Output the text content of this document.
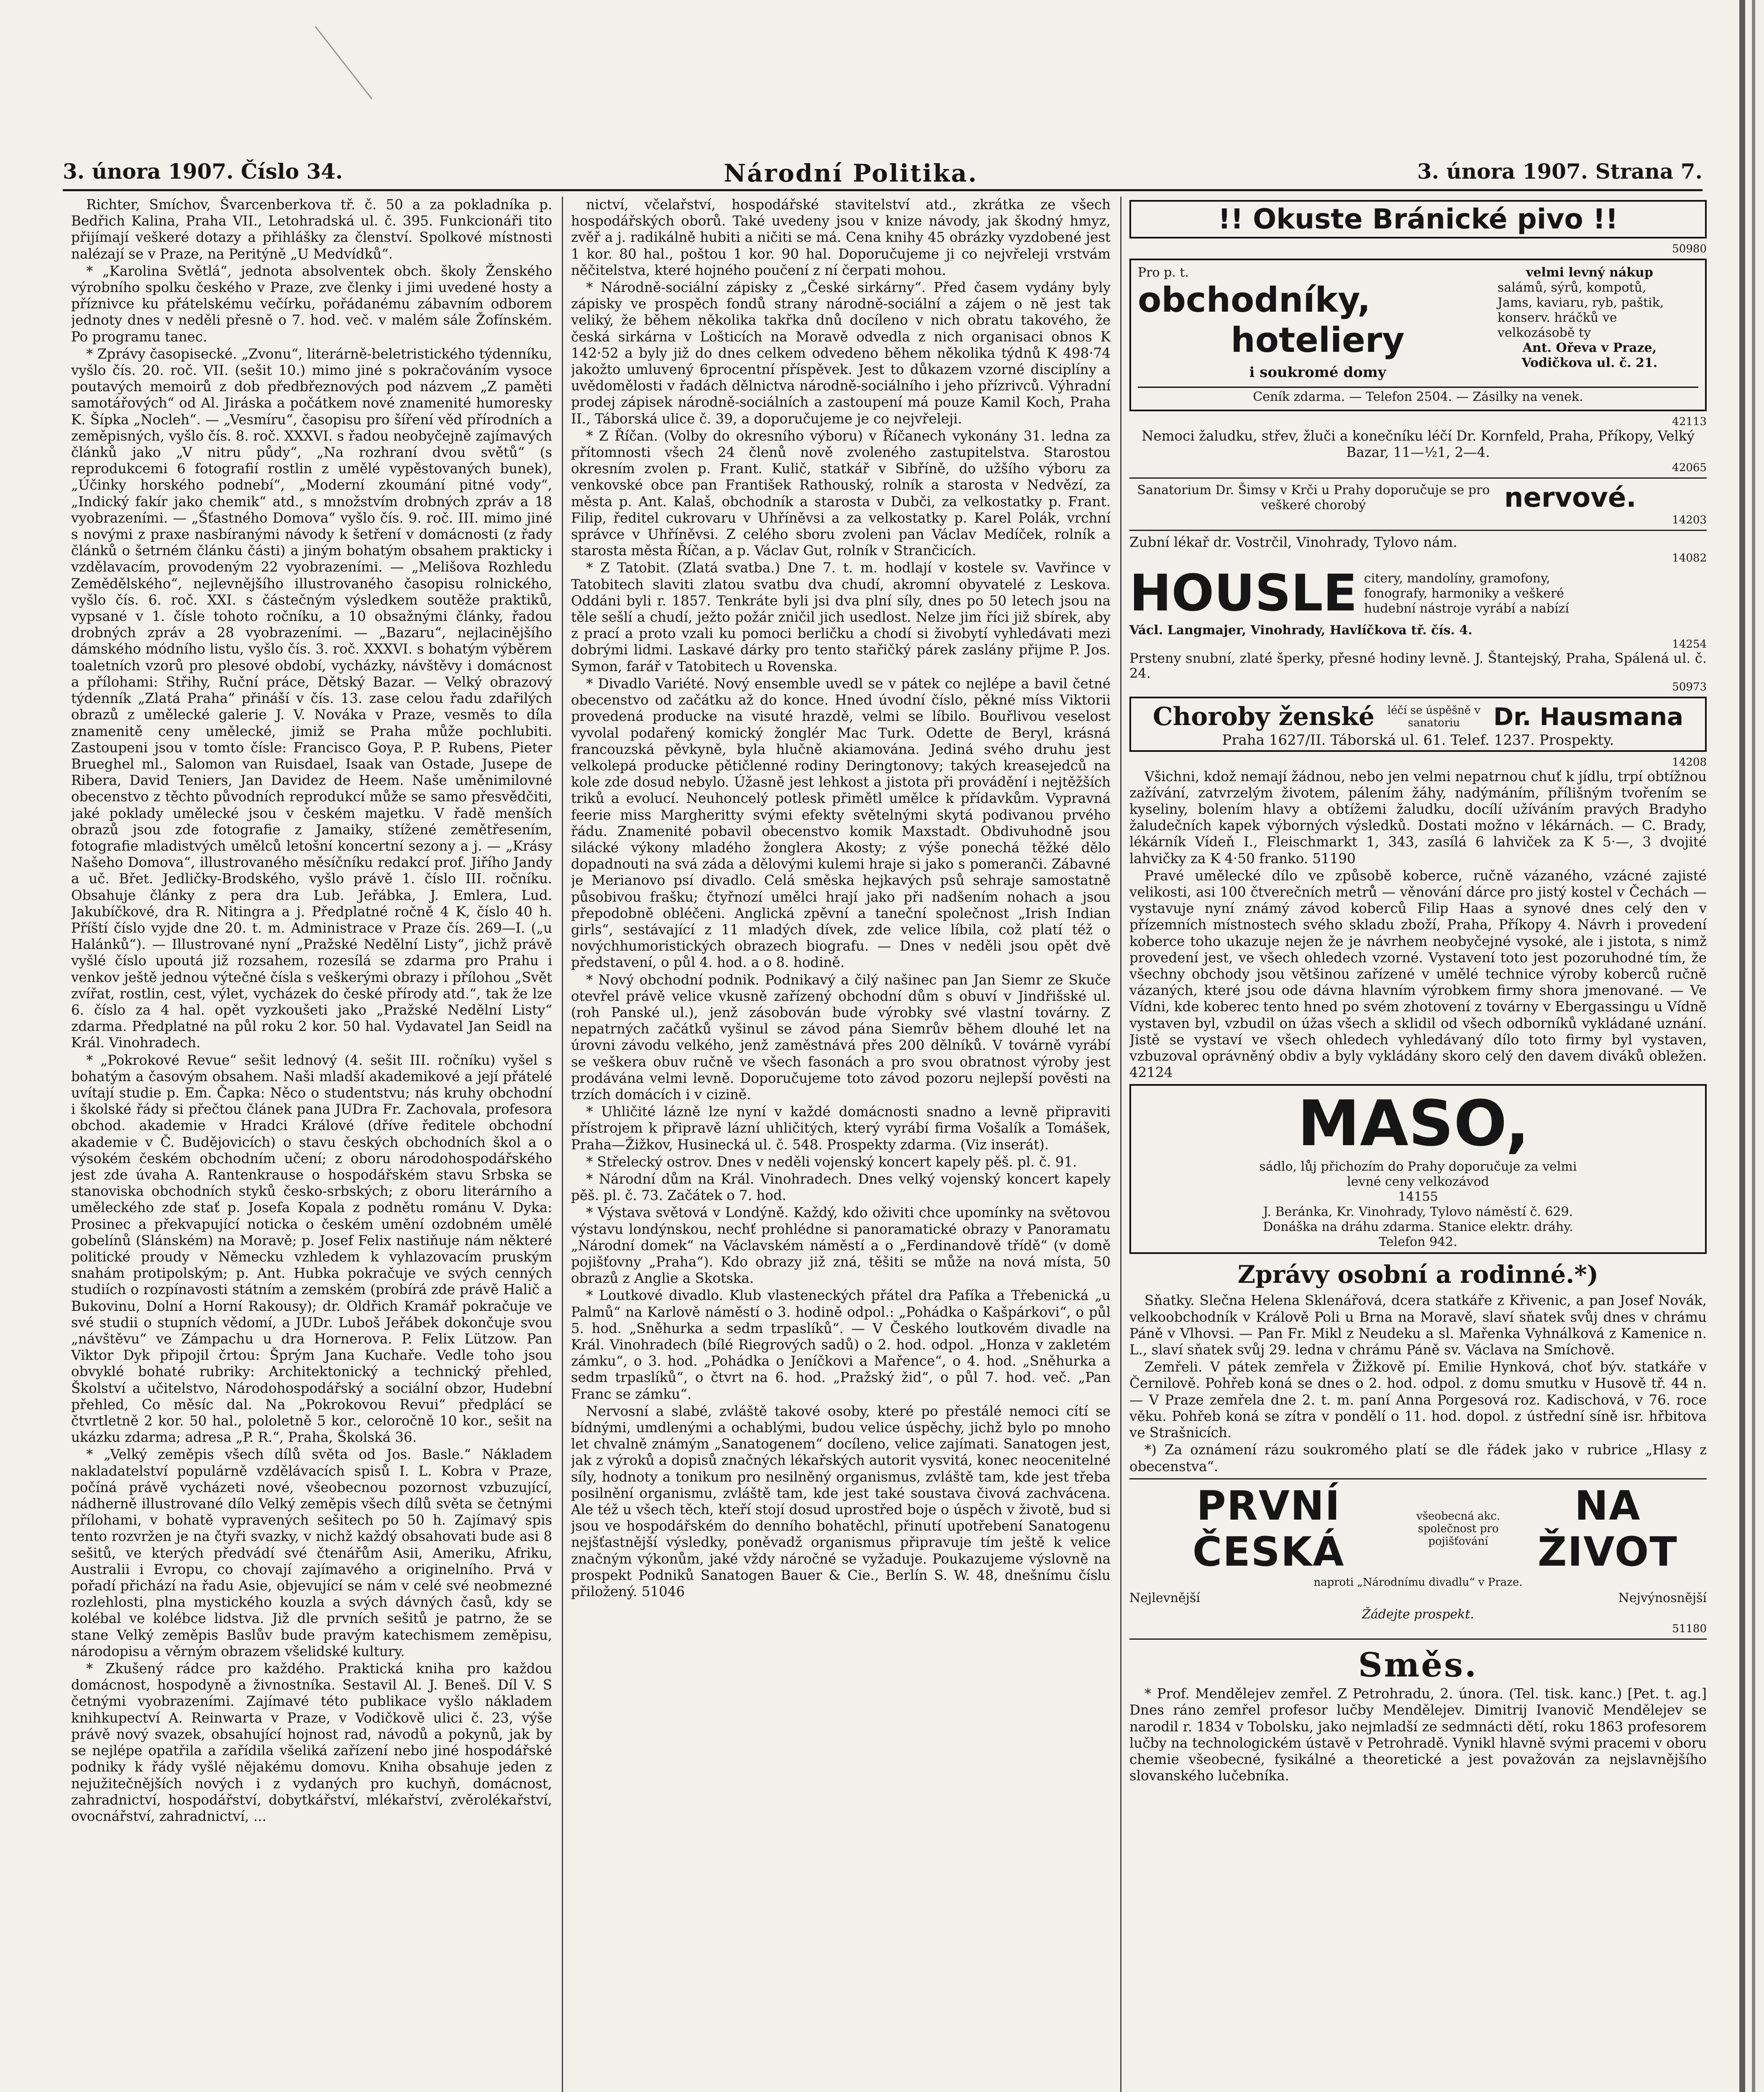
3. února 1907. Číslo 34.	Národní Politika.	3. února 1907. Strana 7.

Richter, Smíchov, Švarcenberkova tř. č. 50 a za pokladníka p. Bedřich Kalina, Praha VII., Letohradská ul. č. 395. Funkcionáři tito přijímají veškeré dotazy a přihlášky za členství. Spolkové místnosti nalézají se v Praze, na Peritýně „U Medvídků“.

* „Karolina Světlá“, jednota absolventek obch. školy Ženského výrobního spolku českého v Praze, zve členky i jimi uvedené hosty a příznivce ku přátelskému večírku, pořádanému zábavním odborem jednoty dnes v neděli přesně o 7. hod. več. v malém sále Žofínském. Po programu tanec.

* Zprávy časopisecké. „Zvonu“, literárně-beletristického týdenníku, vyšlo čís. 20. roč. VII. (sešit 10.) mimo jiné s pokračováním vysoce poutavých memoirů z dob předbřeznových pod názvem „Z paměti samotářových“ od Al. Jiráska a počátkem nové znamenité humoresky K. Šípka „Nocleh“. — „Vesmíru“, časopisu pro šíření věd přírodních a zeměpisných, vyšlo čís. 8. roč. XXXVI. s řadou neobyčejně zajímavých článků jako „V nitru půdy“, „Na rozhraní dvou světů“ (s reprodukcemi 6 fotografií rostlin z umělé vypěstovaných bunek), „Účinky horského podnebí“, „Moderní zkoumání pitné vody“, „Indický fakír jako chemik“ atd., s množstvím drobných zpráv a 18 vyobrazeními. — „Šťastného Domova“ vyšlo čís. 9. roč. III. mimo jiné s novými z praxe nasbíranými návody k šetření v domácnosti (z řady článků o šetrném článku části) a jiným bohatým obsahem prakticky i vzdělavacím, provodeným 22 vyobrazeními. — „Melišova Rozhledu Zemědělského“, nejlevnějšího illustrovaného časopisu rolnického, vyšlo čís. 6. roč. XXI. s částečným výsledkem soutěže praktiků, vypsané v 1. čísle tohoto ročníku, a 10 obsažnými články, řadou drobných zpráv a 28 vyobrazeními. — „Bazaru“, nejlacinějšího dámského módního listu, vyšlo čís. 3. roč. XXXVI. s bohatým výběrem toaletních vzorů pro plesové období, vycházky, návštěvy i domácnost a přílohami: Střihy, Ruční práce, Dětský Bazar. — Velký obrazový týdenník „Zlatá Praha“ přináší v čís. 13. zase celou řadu zdařilých obrazů z umělecké galerie J. V. Nováka v Praze, vesměs to díla znamenitě ceny umělecké, jimiž se Praha může pochlubiti. Zastoupeni jsou v tomto čísle: Francisco Goya, P. P. Rubens, Pieter Brueghel ml., Salomon van Ruisdael, Isaak van Ostade, Jusepe de Ribera, David Teniers, Jan Davidez de Heem. Naše uměnimilovné obecenstvo z těchto původních reprodukcí může se samo přesvědčiti, jaké poklady umělecké jsou v českém majetku. V řadě menších obrazů jsou zde fotografie z Jamaiky, stížené zemětřesením, fotografie mladistvých umělců letošní koncertní sezony a j. — „Krásy Našeho Domova“, illustrovaného měsíčníku redakcí prof. Jiřího Jandy a uč. Břet. Jedličky-Brodského, vyšlo právě 1. číslo III. ročníku. Obsahuje články z pera dra Lub. Jeřábka, J. Emlera, Lud. Jakubíčkové, dra R. Nitingra a j. Předplatné ročně 4 K, číslo 40 h. Příští číslo vyjde dne 20. t. m. Administrace v Praze čís. 269—I. („u Halánků“). — Illustrované nyní „Pražské Nedělní Listy“, jichž právě vyšlé číslo upoutá již rozsahem, rozesílá se zdarma pro Prahu i venkov ještě jednou výtečné čísla s veškerými obrazy i přílohou „Svět zvířat, rostlin, cest, výlet, vycházek do české přírody atd.“, tak že lze 6. číslo za 4 hal. opět vyzkoušeti jako „Pražské Nedělní Listy“ zdarma. Předplatné na půl roku 2 kor. 50 hal. Vydavatel Jan Seidl na Král. Vinohradech.

* „Pokrokové Revue“ sešit lednový (4. sešit III. ročníku) vyšel s bohatým a časovým obsahem. Naši mladší akademikové a její přátelé uvítají studie p. Em. Čapka: Něco o studentstvu; nás kruhy obchodní i školské řády si přečtou článek pana JUDra Fr. Zachovala, profesora obchod. akademie v Hradci Králové (dříve ředitele obchodní akademie v Č. Budějovicích) o stavu českých obchodních škol a o výsokém českém obchodním učení; z oboru národohospodářského jest zde úvaha A. Rantenkrause o hospodářském stavu Srbska se stanoviska obchodních styků česko-srbských; z oboru literárního a uměleckého zde stať p. Josefa Kopala z podnětu románu V. Dyka: Prosinec a překvapující noticka o českém umění ozdobném umělé gobelínů (Slánském) na Moravě; p. Josef Felix nastiňuje nám některé politické proudy v Německu vzhledem k vyhlazovacím pruským snahám protipolským; p. Ant. Hubka pokračuje ve svých cenných studiích o rozpínavosti státním a zemském (probírá zde právě Halič a Bukovinu, Dolní a Horní Rakousy); dr. Oldřich Kramář pokračuje ve své studii o stupních vědomí, a JUDr. Luboš Jeřábek dokončuje svou „návštěvu“ ve Zámpachu u dra Hornerova. P. Felix Lützow. Pan Viktor Dyk připojil črtou: Šprým Jana Kuchaře. Vedle toho jsou obvyklé bohaté rubriky: Architektonický a technický přehled, Školství a učitelstvo, Národohospodářský a sociální obzor, Hudební přehled, Co měsíc dal. Na „Pokrokovou Revui“ předplácí se čtvrtletně 2 kor. 50 hal., pololetně 5 kor., celoročně 10 kor., sešit na ukázku zdarma; adresa „P. R.“, Praha, Školská 36.

* „Velký zeměpis všech dílů světa od Jos. Basle.“ Nákladem nakladatelství populárně vzdělávacích spisů I. L. Kobra v Praze, počíná právě vycházeti nové, všeobecnou pozornost vzbuzující, nádherně illustrované dílo Velký zeměpis všech dílů světa se četnými přílohami, v bohatě vypravených sešitech po 50 h. Zajímavý spis tento rozvržen je na čtyři svazky, v nichž každý obsahovati bude asi 8 sešitů, ve kterých předvádí své čtenářům Asii, Ameriku, Afriku, Australii i Evropu, co chovají zajímavého a originelního. Prvá v pořadí přichází na řadu Asie, objevující se nám v celé své neobmezné rozlehlosti, plna mystického kouzla a svých dávných časů, kdy se kolébal ve kolébce lidstva. Již dle prvních sešitů je patrno, že se stane Velký zeměpis Baslův bude pravým katechismem zeměpisu, národopisu a věrným obrazem všelidské kultury.

* Zkušený rádce pro každého. Praktická kniha pro každou domácnost, hospodyně a živnostníka. Sestavil Al. J. Beneš. Díl V. S četnými vyobrazeními. Zajímavé této publikace vyšlo nákladem knihkupectví A. Reinwarta v Praze, v Vodičkově ulici č. 23, výše právě nový svazek, obsahující hojnost rad, návodů a pokynů, jak by se nejlépe opatřila a zařídila všeliká zařízení nebo jiné hospodářské podniky k řády vyšlé nějakému domovu. Kniha obsahuje jeden z nejužitečnějších nových i z vydaných pro kuchyň, domácnost, zahradnictví, hospodářství, dobytkářství, mlékařství, zvěrolékařství, ovocnářství, zahradnictví, ...

nictví, včelařství, hospodářské stavitelství atd., zkrátka ze všech hospodářských oborů. Také uvedeny jsou v knize návody, jak škodný hmyz, zvěř a j. radikálně hubiti a ničiti se má. Cena knihy 45 obrázky vyzdobené jest 1 kor. 80 hal., poštou 1 kor. 90 hal. Doporučujeme ji co nejvřeleji vrstvám něčitelstva, které hojného poučení z ní čerpati mohou.

* Národně-sociální zápisky z „České sirkárny“. Před časem vydány byly zápisky ve prospěch fondů strany národně-sociální a zájem o ně jest tak veliký, že během několika takřka dnů docíleno v nich obratu takového, že česká sirkárna v Lošticích na Moravě odvedla z nich organisaci obnos K 142·52 a byly již do dnes celkem odvedeno během několika týdnů K 498·74 jakožto umluvený 6procentní příspěvek. Jest to důkazem vzorné disciplíny a uvědomělosti v řadách dělnictva národně-sociálního i jeho přízrivců. Výhradní prodej zápisek národně-sociálních a zastoupení má pouze Kamil Koch, Praha II., Táborská ulice č. 39, a doporučujeme je co nejvřeleji.

* Z Říčan. (Volby do okresního výboru) v Říčanech vykonány 31. ledna za přítomnosti všech 24 členů nově zvoleného zastupitelstva. Starostou okresním zvolen p. Frant. Kulič, statkář v Sibříně, do užšího výboru za venkovské obce pan František Rathouský, rolník a starosta v Nedvězí, za města p. Ant. Kalaš, obchodník a starosta v Dubči, za velkostatky p. Frant. Filip, ředitel cukrovaru v Uhříněvsi a za velkostatky p. Karel Polák, vrchní správce v Uhříněvsi. Z celého sboru zvoleni pan Václav Medíček, rolník a starosta města Říčan, a p. Václav Gut, rolník v Strančicích.

* Z Tatobit. (Zlatá svatba.) Dne 7. t. m. hodlají v kostele sv. Vavřince v Tatobitech slaviti zlatou svatbu dva chudí, akromní obyvatelé z Leskova. Oddáni byli r. 1857. Tenkráte byli jsi dva plní síly, dnes po 50 letech jsou na těle sešlí a chudí, ježto požár zničil jich usedlost. Nelze jim říci již sbírek, aby z prací a proto vzali ku pomoci berličku a chodí si živobytí vyhledávati mezi dobrými lidmi. Laskavé dárky pro tento stařičký párek zaslány přijme P. Jos. Symon, farář v Tatobitech u Rovenska.

* Divadlo Variété. Nový ensemble uvedl se v pátek co nejlépe a bavil četné obecenstvo od začátku až do konce. Hned úvodní číslo, pěkné míss Viktorii provedená producke na visuté hrazdě, velmi se líbilo. Bouřlivou veselost vyvolal podařený komický žonglér Mac Turk. Odette de Beryl, krásná francouzská pěvkyně, byla hlučně akiamována. Jediná svého druhu jest velkolepá producke pětičlenné rodiny Deringtonovy; takých kreasejedců na kole zde dosud nebylo. Úžasně jest lehkost a jistota při provádění i nejtěžších triků a evolucí. Neuhoncelý potlesk přimětl umělce k přídavkům. Vypravná feerie miss Margheritty svými efekty světelnými skytá podivanou prvého řádu. Znamenité pobavil obecenstvo komik Maxstadt. Obdivuhodně jsou silácké výkony mladého žonglera Akosty; z výše ponechá těžké dělo dopadnouti na svá záda a dělovými kulemi hraje si jako s pomeranči. Zábavné je Merianovo psí divadlo. Celá směska hejkavých psů sehraje samostatně působivou frašku; čtyřnozí umělci hrají jako při nadšením nohach a jsou přepodobně obléčeni. Anglická zpěvní a taneční společnost „Irish Indian girls“, sestávající z 11 mladých dívek, zde velice líbila, což platí též o novýchhumoristických obrazech biografu. — Dnes v neděli jsou opět dvě představení, o půl 4. hod. a o 8. hodině.

* Nový obchodní podnik. Podnikavý a čilý našinec pan Jan Siemr ze Skuče otevřel právě velice vkusně zařízený obchodní dům s obuví v Jindřišské ul. (roh Panské ul.), jenž zásobován bude výrobky své vlastní továrny. Z nepatrných začátků vyšinul se závod pána Siemrův během dlouhé let na úrovni závodu velkého, jenž zaměstnává přes 200 dělníků. V továrně vyrábí se veškera obuv ručně ve všech fasonách a pro svou obratnost výroby jest prodávána velmi levně. Doporučujeme toto závod pozoru nejlepší pověsti na trzích domácích i v cizině.

* Uhličité lázně lze nyní v každé domácnosti snadno a levně připraviti přístrojem k připravě lázní uhličitých, který vyrábí firma Vošalík a Tomášek, Praha—Žižkov, Husinecká ul. č. 548. Prospekty zdarma. (Viz inserát).

* Střelecký ostrov. Dnes v neděli vojenský koncert kapely pěš. pl. č. 91.

* Národní dům na Král. Vinohradech. Dnes velký vojenský koncert kapely pěš. pl. č. 73. Začátek o 7. hod.

* Výstava světová v Londýně. Každý, kdo oživiti chce upomínky na světovou výstavu londýnskou, nechť prohlédne si panoramatické obrazy v Panoramatu „Národní domek“ na Václavském náměstí a o „Ferdinandově třídě“ (v domě pojišťovny „Praha“). Kdo obrazy již zná, těšiti se může na nová místa, 50 obrazů z Anglie a Skotska.

* Loutkové divadlo. Klub vlasteneckých přátel dra Pafíka a Třebenická „u Palmů“ na Karlově náměstí o 3. hodině odpol.: „Pohádka o Kašpárkovi“, o půl 5. hod. „Sněhurka a sedm trpaslíků“. — V Českého loutkovém divadle na Král. Vinohradech (bílé Riegrových sadů) o 2. hod. odpol. „Honza v zakletém zámku“, o 3. hod. „Pohádka o Jeníčkovi a Mařence“, o 4. hod. „Sněhurka a sedm trpaslíků“, o čtvrt na 6. hod. „Pražský žid“, o půl 7. hod. več. „Pan Franc se zámku“.

Nervosní a slabé, zvláště takové osoby, které po přestálé nemoci cítí se bídnými, umdlenými a ochablými, budou velice úspěchy, jichž bylo po mnoho let chvalně známým „Sanatogenem“ docíleno, velice zajímati. Sanatogen jest, jak z výroků a dopisů značných lékařských autorit vysvitá, konec neocenitelné síly, hodnoty a tonikum pro nesilněný organismus, zvláště tam, kde jest třeba posilnění organismu, zvláště tam, kde jest také soustava čivová zachvácena. Ale též u všech těch, kteří stojí dosud uprostřed boje o úspěch v životě, bud si jsou ve hospodářském do denního bohatěchl, přinutí upotřebení Sanatogenu nejšťastnější výsledky, poněvadž organismus připravuje tím ještě k velice značným výkonům, jaké vždy náročné se vyžaduje. Poukazujeme výslovně na prospekt Podniků Sanatogen Bauer & Cie., Berlín S. W. 48, dnešnímu číslu přiložený. 51046

!! Okuste Bránické pivo !!
50980
Pro p. t.
obchodníky,
hoteliery
i soukromé domy
velmi levný nákup
salámů, sýrů, kompotů, Jams, kaviaru, ryb, paštik, konserv. hráčků ve velkozásobě ty
Ant. Ořeva v Praze, Vodičkova ul. č. 21.
Ceník zdarma. — Telefon 2504. — Zásilky na venek.
42113

Nemoci žaludku, střev, žluči a konečníku léčí Dr. Kornfeld, Praha, Příkopy, Velký Bazar, 11—½1, 2—4.

42065
Sanatorium Dr. Šimsy v Krči u Prahy doporučuje se pro veškeré chorobý	nervové.
14203

Zubní lékař dr. Vostrčil, Vinohrady, Tylovo nám.

14082
HOUSLE citery, mandolíny, gramofony, fonografy, harmoniky a veškeré hudební nástroje vyrábí a nabízí
Václ. Langmajer, Vinohrady, Havlíčkova tř. čís. 4.
14254
Prsteny snubní, zlaté šperky, přesné hodiny levně. J. Štantejský, Praha, Spálená ul. č. 24.
50973
Choroby ženské	léčí se úspěšně v sanatoriu	Dr. Hausmana
Praha 1627/II. Táborská ul. 61. Telef. 1237. Prospekty.
14208

Všichni, kdož nemají žádnou, nebo jen velmi nepatrnou chuť k jídlu, trpí obtížnou zažívání, zatvrzelým životem, pálením žáhy, nadýmáním, přílišným tvořením se kyseliny, bolením hlavy a obtížemi žaludku, docílí užíváním pravých Bradyho žaludečních kapek výborných výsledků. Dostati možno v lékárnách. — C. Brady, lékárník Vídeň I., Fleischmarkt 1, 343, zasílá 6 lahviček za K 5·—, 3 dvojité lahvičky za K 4·50 franko. 51190

Pravé umělecké dílo ve způsobě koberce, ručně vázaného, vzácné zajisté velikosti, asi 100 čtverečních metrů — věnování dárce pro jistý kostel v Čechách — vystavuje nyní známý závod koberců Filip Haas a synové dnes celý den v přízemních místnostech svého skladu zboží, Praha, Příkopy 4. Návrh i provedení koberce toho ukazuje nejen že je návrhem neobyčejné vysoké, ale i jistota, s nimž provedení jest, ve všech ohledech vzorné. Vystavení toto jest pozoruhodné tím, že všechny obchody jsou většinou zařízené v umělé technice výroby koberců ručně vázaných, které jsou ode dávna hlavním výrobkem firmy shora jmenované. — Ve Vídni, kde koberec tento hned po svém zhotovení z továrny v Ebergassingu u Vídně vystaven byl, vzbudil on úžas všech a sklidil od všech odborníků vykládané uznání. Jistě se vystaví ve všech ohledech vyhledávaný dílo toto firmy byl vystaven, vzbuzoval oprávněný obdiv a byly vykládány skoro celý den davem diváků obležen. 42124

MASO,sádlo, lůj přichozím do Prahy doporučuje za velmi levné ceny velkozávod
14155
J. Beránka, Kr. Vinohrady, Tylovo náměstí č. 629. Donáška na dráhu zdarma. Stanice elektr. dráhy. Telefon 942.
Zprávy osobní a rodinné.*)

Sňatky. Slečna Helena Sklenářová, dcera statkáře z Křivenic, a pan Josef Novák, velkoobchodník v Králově Poli u Brna na Moravě, slaví sňatek svůj dnes v chrámu Páně v Vlhovsi. — Pan Fr. Mikl z Neudeku a sl. Mařenka Vyhnálková z Kamenice n. L., slaví sňatek svůj 29. ledna v chrámu Páně sv. Václava na Smíchově.

Zemřeli. V pátek zemřela v Žižkově pí. Emilie Hynková, choť býv. statkáře v Černilově. Pohřeb koná se dnes o 2. hod. odpol. z domu smutku v Husově tř. 44 n. — V Praze zemřela dne 2. t. m. paní Anna Porgesová roz. Kadischová, v 76. roce věku. Pohřeb koná se zítra v pondělí o 11. hod. dopol. z ústřední síně isr. hřbitova ve Strašnicích.

*) Za oznámení rázu soukromého platí se dle řádek jako v rubrice „Hlasy z obecenstva“.

PRVNÍ ČESKÁ
všeobecná akc. společnost pro pojišťování
NA ŽIVOT
naproti „Národnímu divadlu“ v Praze.
Nejlevnější	Nejvýnosnější
Žádejte prospekt.
51180
Směs.

* Prof. Mendělejev zemřel. Z Petrohradu, 2. února. (Tel. tisk. kanc.) [Pet. t. ag.] Dnes ráno zemřel profesor lučby Mendělejev. Dimitrij Ivanovič Mendělejev se narodil r. 1834 v Tobolsku, jako nejmladší ze sedmnácti dětí, roku 1863 profesorem lučby na technologickém ústavě v Petrohradě. Vynikl hlavně svými pracemi v oboru chemie všeobecné, fysikálné a theoretické a jest považován za nejslavnějšího slovanského lučebníka.
